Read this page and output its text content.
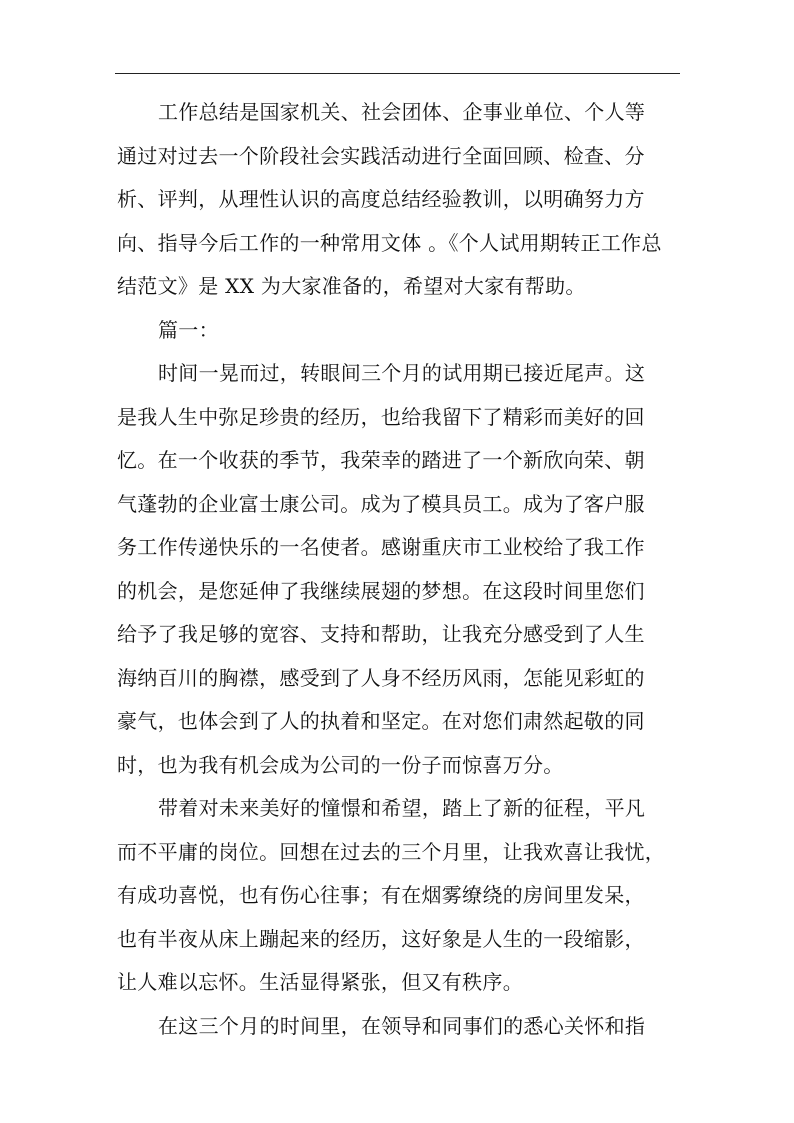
工作总结是国家机关、社会团体、企事业单位、个人等
通过对过去一个阶段社会实践活动进行全面回顾、检查、分
析、评判，从理性认识的高度总结经验教训，以明确努力方
向、指导今后工作的一种常用文体 。《个人试用期转正工作总
结范文》是 XX 为大家准备的，希望对大家有帮助。
篇一：
时间一晃而过，转眼间三个月的试用期已接近尾声。这
是我人生中弥足珍贵的经历，也给我留下了精彩而美好的回
忆。在一个收获的季节，我荣幸的踏进了一个新欣向荣、朝
气蓬勃的企业富士康公司。成为了模具员工。成为了客户服
务工作传递快乐的一名使者。感谢重庆市工业校给了我工作
的机会，是您延伸了我继续展翅的梦想。在这段时间里您们
给予了我足够的宽容、支持和帮助，让我充分感受到了人生
海纳百川的胸襟，感受到了人身不经历风雨，怎能见彩虹的
豪气，也体会到了人的执着和坚定。在对您们肃然起敬的同
时，也为我有机会成为公司的一份子而惊喜万分。
带着对未来美好的憧憬和希望，踏上了新的征程，平凡
而不平庸的岗位。回想在过去的三个月里，让我欢喜让我忧，
有成功喜悦，也有伤心往事；有在烟雾缭绕的房间里发呆，
也有半夜从床上蹦起来的经历，这好象是人生的一段缩影，
让人难以忘怀。生活显得紧张，但又有秩序。
在这三个月的时间里，在领导和同事们的悉心关怀和指
